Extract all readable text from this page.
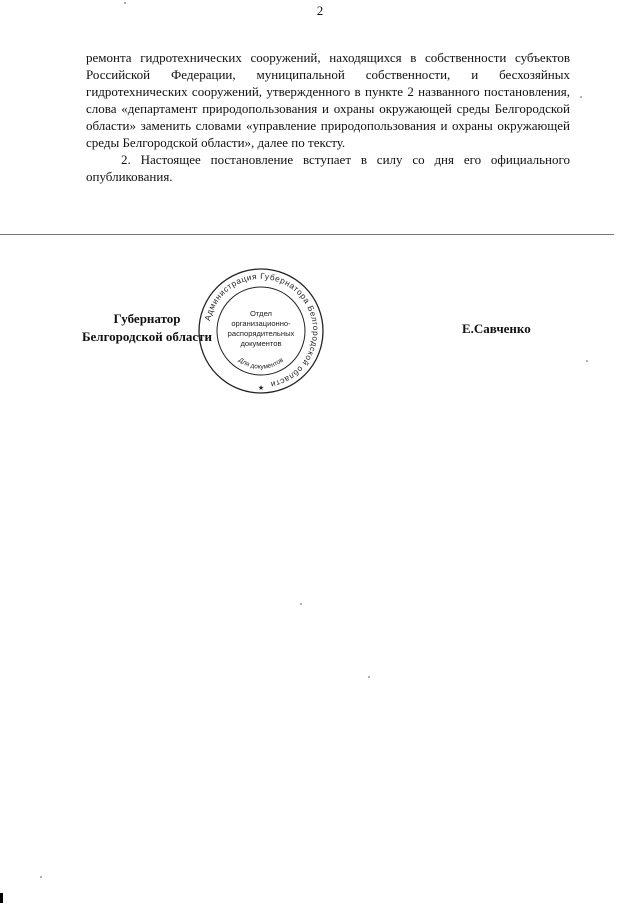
2

ремонта гидротехнических сооружений, находящихся в собственности субъектов Российской Федерации, муниципальной собственности, и бесхозяйных гидротехнических сооружений, утвержденного в пункте 2 названного постановления, слова «департамент природопользования и охраны окружающей среды Белгородской области» заменить словами «управление природопользования и охраны окружающей среды Белгородской области», далее по тексту.

2. Настоящее постановление вступает в силу со дня его официального опубликования.

Губернатор
Белгородской области
Е.Савченко
Администрация Губернатора Белгородской области
Отдел
организационно-
распорядительных
документов
Для документов
★
